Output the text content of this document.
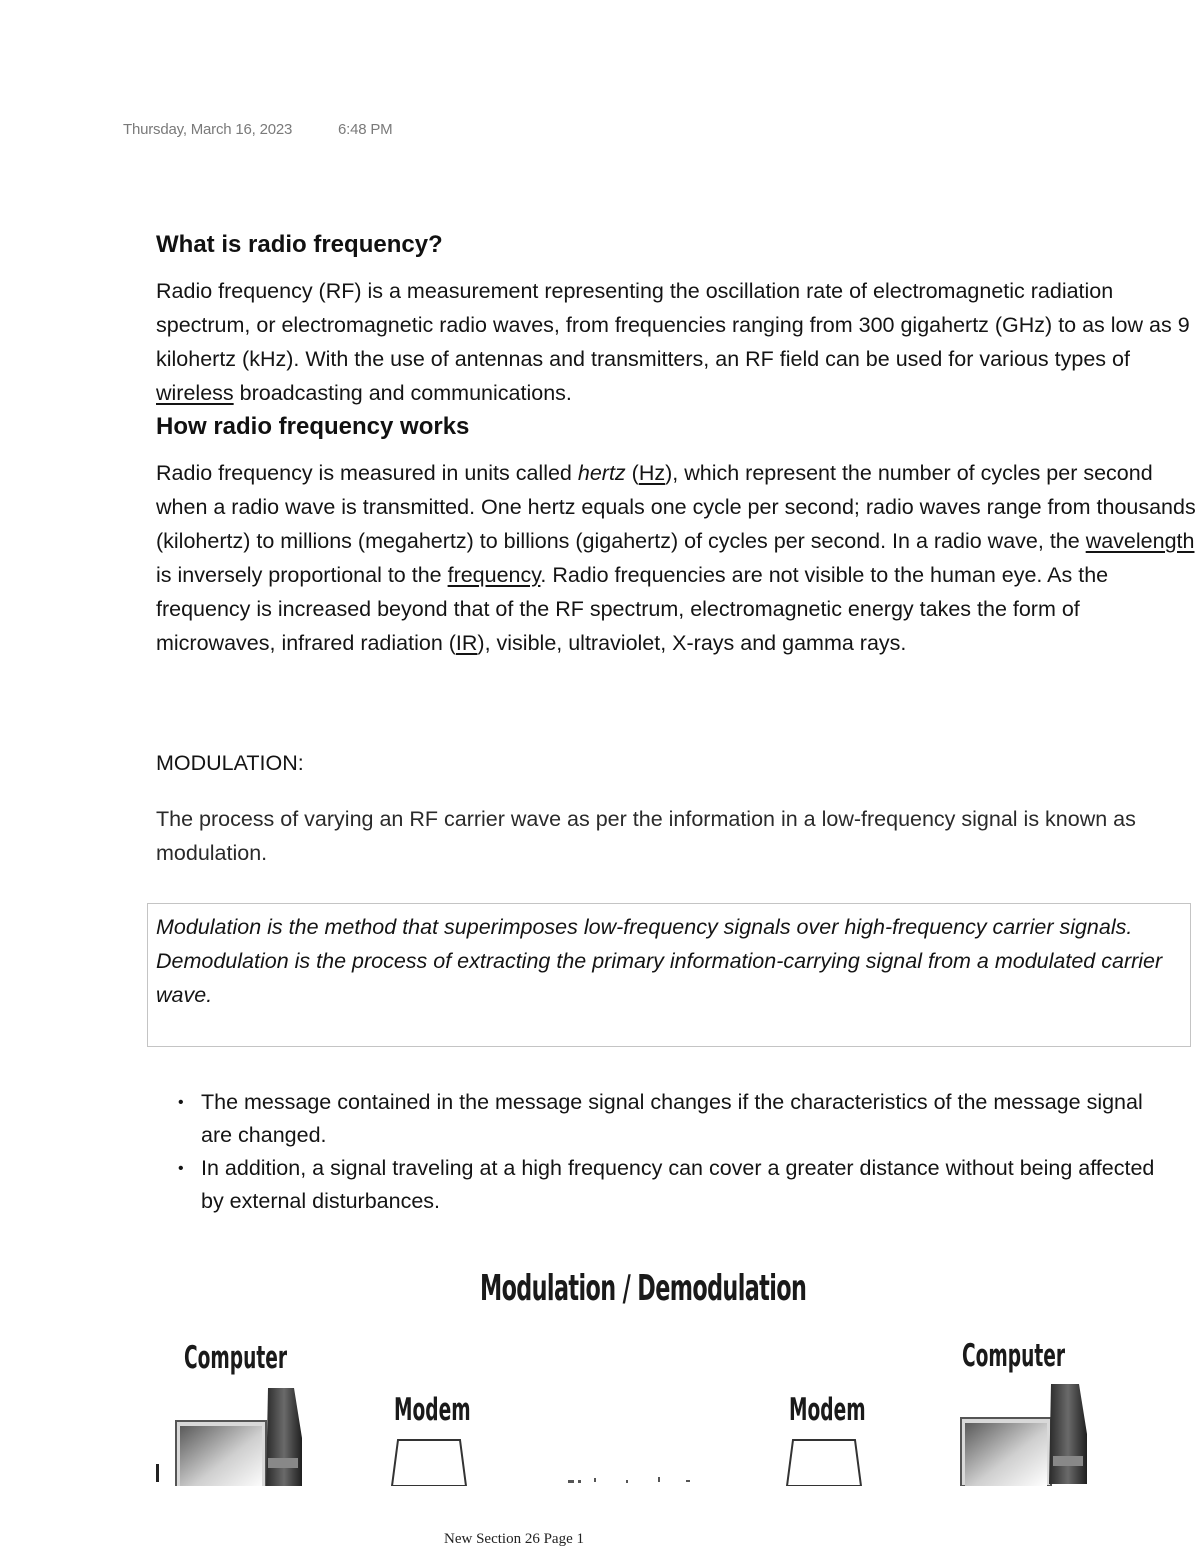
Thursday, March 16, 2023	6:48 PM
What is radio frequency?

Radio frequency (RF) is a measurement representing the oscillation rate of electromagnetic radiation spectrum, or electromagnetic radio waves, from frequencies ranging from 300 gigahertz (GHz) to as low as 9 kilohertz (kHz). With the use of antennas and transmitters, an RF field can be used for various types of wireless broadcasting and communications.

How radio frequency works

Radio frequency is measured in units called hertz (Hz), which represent the number of cycles per second when a radio wave is transmitted. One hertz equals one cycle per second; radio waves range from thousands (kilohertz) to millions (megahertz) to billions (gigahertz) of cycles per second. In a radio wave, the wavelength is inversely proportional to the frequency. Radio frequencies are not visible to the human eye. As the frequency is increased beyond that of the RF spectrum, electromagnetic energy takes the form of microwaves, infrared radiation (IR), visible, ultraviolet, X-rays and gamma rays.

MODULATION:
The process of varying an RF carrier wave as per the information in a low-frequency signal is known as modulation.

Modulation is the method that superimposes low-frequency signals over high-frequency carrier signals.

Demodulation is the process of extracting the primary information-carrying signal from a modulated carrier wave.

• The message contained in the message signal changes if the characteristics of the message signal are changed.
• In addition, a signal traveling at a high frequency can cover a greater distance without being affected by external disturbances.
Modulation / Demodulation
Computer
Modem	Modem
Computer
New Section 26 Page 1
